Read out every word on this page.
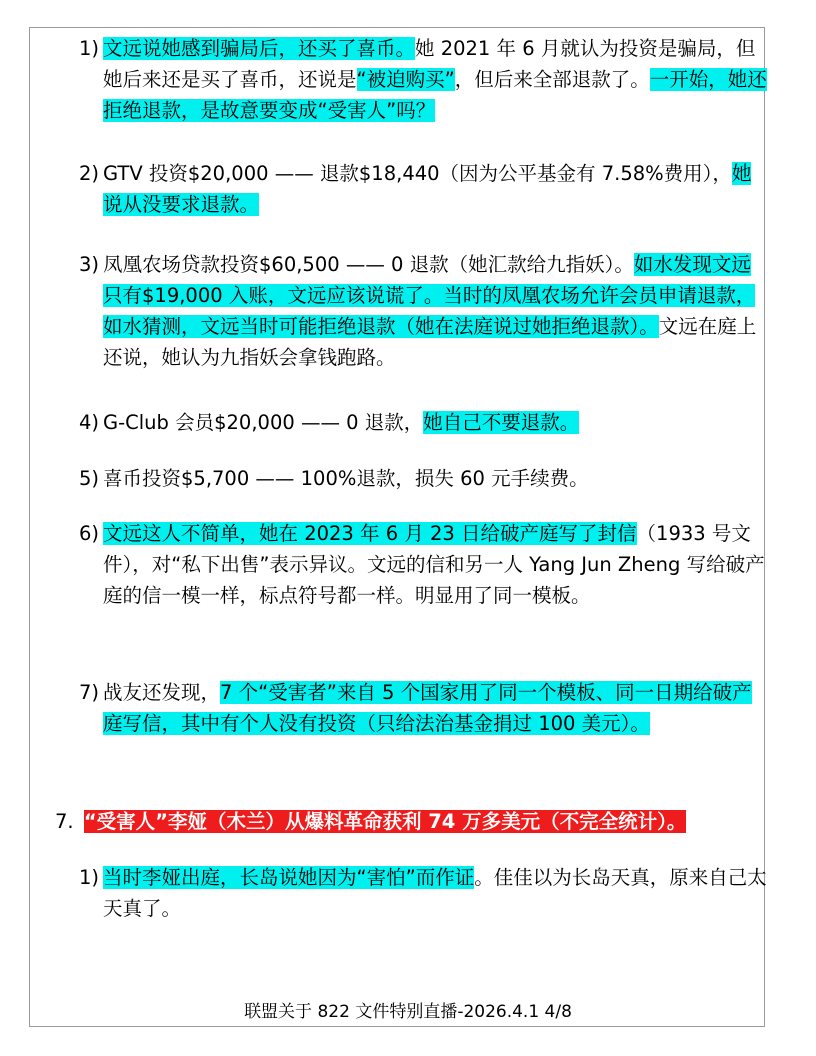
1) 文远说她感到骗局后，还买了喜币。她 2021 年 6 月就认为投资是骗局，但她后来还是买了喜币，还说是“被迫购买”，但后来全部退款了。一开始，她还拒绝退款，是故意要变成“受害人”吗？
2) GTV 投资$20,000 —— 退款$18,440（因为公平基金有 7.58%费用），她说从没要求退款。
3) 凤凰农场贷款投资$60,500 —— 0 退款（她汇款给九指妖）。如水发现文远只有$19,000 入账，文远应该说谎了。当时的凤凰农场允许会员申请退款，如水猜测，文远当时可能拒绝退款（她在法庭说过她拒绝退款）。文远在庭上还说，她认为九指妖会拿钱跑路。
4) G-Club 会员$20,000 —— 0 退款，她自己不要退款。
5) 喜币投资$5,700 —— 100%退款，损失 60 元手续费。
6) 文远这人不简单，她在 2023 年 6 月 23 日给破产庭写了封信（1933 号文件），对“私下出售”表示异议。文远的信和另一人 Yang Jun Zheng 写给破产庭的信一模一样，标点符号都一样。明显用了同一模板。
7) 战友还发现，7 个“受害者”来自 5 个国家用了同一个模板、同一日期给破产庭写信，其中有个人没有投资（只给法治基金捐过 100 美元）。
7. “受害人”李娅（木兰）从爆料革命获利 74 万多美元（不完全统计）。
1) 当时李娅出庭，长岛说她因为“害怕”而作证。佳佳以为长岛天真，原来自己太天真了。
联盟关于 822 文件特别直播-2026.4.1 4/8
